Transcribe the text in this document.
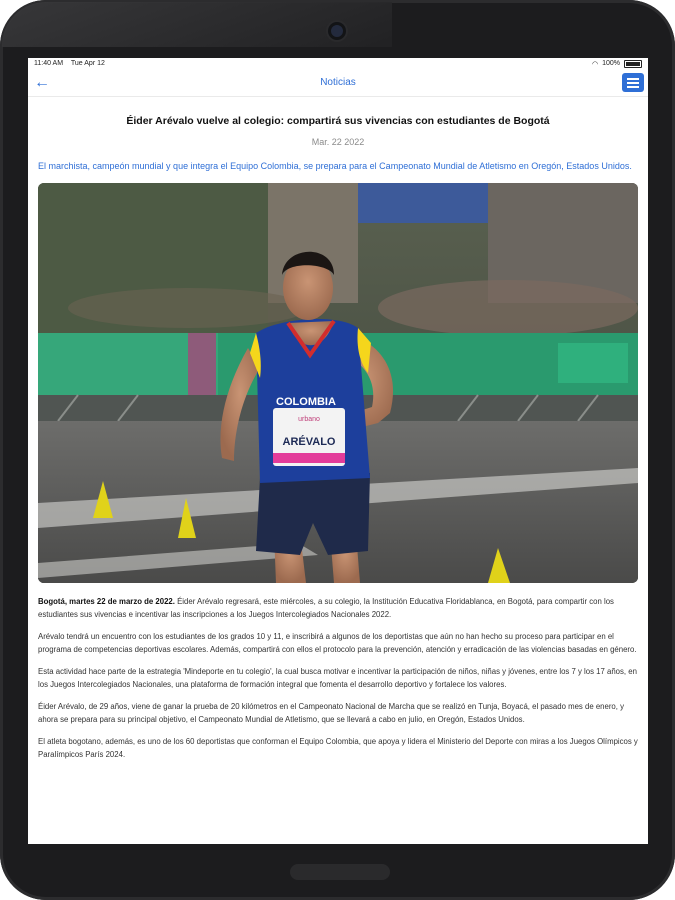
11:40 AM Tue Apr 12	◠ 100%
←	Noticias
Éider Arévalo vuelve al colegio: compartirá sus vivencias con estudiantes de Bogotá
Mar. 22 2022

El marchista, campeón mundial y que integra el Equipo Colombia, se prepara para el Campeonato Mundial de Atletismo en Oregón, Estados Unidos.

ARÉVALO
urbano
COLOMBIA

Bogotá, martes 22 de marzo de 2022. Éider Arévalo regresará, este miércoles, a su colegio, la Institución Educativa Floridablanca, en Bogotá, para compartir con los estudiantes sus vivencias e incentivar las inscripciones a los Juegos Intercolegiados Nacionales 2022.

Arévalo tendrá un encuentro con los estudiantes de los grados 10 y 11, e inscribirá a algunos de los deportistas que aún no han hecho su proceso para participar en el programa de competencias deportivas escolares. Además, compartirá con ellos el protocolo para la prevención, atención y erradicación de las violencias basadas en género.

Esta actividad hace parte de la estrategia 'Mindeporte en tu colegio', la cual busca motivar e incentivar la participación de niños, niñas y jóvenes, entre los 7 y los 17 años, en los Juegos Intercolegiados Nacionales, una plataforma de formación integral que fomenta el desarrollo deportivo y fortalece los valores.

Éider Arévalo, de 29 años, viene de ganar la prueba de 20 kilómetros en el Campeonato Nacional de Marcha que se realizó en Tunja, Boyacá, el pasado mes de enero, y ahora se prepara para su principal objetivo, el Campeonato Mundial de Atletismo, que se llevará a cabo en julio, en Oregón, Estados Unidos.

El atleta bogotano, además, es uno de los 60 deportistas que conforman el Equipo Colombia, que apoya y lidera el Ministerio del Deporte con miras a los Juegos Olímpicos y Paralímpicos París 2024.
